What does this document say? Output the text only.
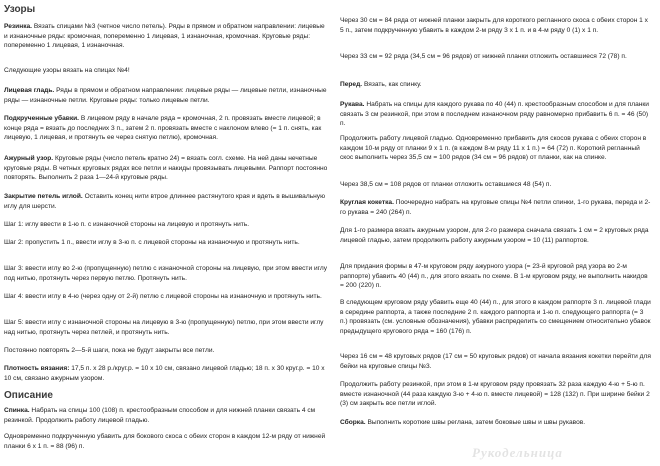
Узоры
Резинка. Вязать спицами №3 (четное число петель). Ряды в прямом и обратном направлении: лицевые и изнаночные ряды: кромочная, попеременно 1 лицевая, 1 изнаночная, кромочная. Круговые ряды: попеременно 1 лицевая, 1 изнаночная.
Следующие узоры вязать на спицах №4!
Лицевая гладь. Ряды в прямом и обратном направлении: лицевые ряды — лицевые петли, изнаночные ряды — изнаночные петли. Круговые ряды: только лицевые петли.
Подкрученные убавки. В лицевом ряду в начале ряда = кромочная, 2 п. провязать вместе лицевой; в конце ряда = вязать до последних 3 п., затем 2 п. провязать вместе с наклоном влево (= 1 п. снять, как лицевую, 1 лицевая, и протянуть ее через снятую петлю), кромочная.
Ажурный узор. Круговые ряды (число петель кратно 24) = вязать согл. схеме. На ней даны нечетные круговые ряды. В четных круговых рядах все петли и накиды провязывать лицевыми. Раппорт постоянно повторять. Выполнить 2 раза 1—24-й круговые ряды.
Закрытие петель иглой. Оставить конец нити втрое длиннее растянутого края и вдеть в вышивальную иглу для шерсти.
Шаг 1: иглу ввести в 1-ю п. с изнаночной стороны на лицевую и протянуть нить.
Шаг 2: пропустить 1 п., ввести иглу в 3-ю п. с лицевой стороны на изнаночную и протянуть нить.
Шаг 3: ввести иглу во 2-ю (пропущенную) петлю с изнаночной стороны на лицевую, при этом ввести иглу под нитью, протянуть через первую петлю. Протянуть нить.
Шаг 4: ввести иглу в 4-ю (через одну от 2-й) петлю с лицевой стороны на изнаночную и протянуть нить.
Шаг 5: ввести иглу с изнаночной стороны на лицевую в 3-ю (пропущенную) петлю, при этом ввести иглу над нитью, протянуть через петлей, и протянуть нить.
Постоянно повторять 2—5-й шаги, пока не будут закрыты все петли.
Плотность вязания: 17,5 п. х 28 р./круг.р. = 10 х 10 см, связано лицевой гладью; 18 п. х 30 круг.р. = 10 х 10 см, связано ажурным узором.
Описание
Спинка. Набрать на спицы 100 (108) п. крестообразным способом и для нижней планки связать 4 см резинкой. Продолжить работу лицевой гладью.
Одновременно подкрученную убавить для бокового скоса с обеих сторон в каждом 12-м ряду от нижней планки 6 х 1 п. = 88 (96) п.
Через 30 см = 84 ряда от нижней планки закрыть для короткого регланного скоса с обеих сторон 1 х 5 п., затем подкрученную убавить в каждом 2-м ряду 3 х 1 п. и в 4-м ряду 0 (1) х 1 п.
Через 33 см = 92 ряда (34,5 см = 96 рядов) от нижней планки отложить оставшиеся 72 (78) п.
Перед. Вязать, как спинку.
Рукава. Набрать на спицы для каждого рукава по 40 (44) п. крестообразным способом и для планки связать 3 см резинкой, при этом в последнем изнаночном ряду равномерно прибавить 6 п. = 46 (50) п.
Продолжить работу лицевой гладью. Одновременно прибавить для скосов рукава с обеих сторон в каждом 10-м ряду от планки 9 х 1 п. (в каждом 8-м ряду 11 х 1 п.) = 64 (72) п. Короткий регланный скос выполнить через 35,5 см = 100 рядов (34 см = 96 рядов) от планки, как на спинке.
Через 38,5 см = 108 рядов от планки отложить оставшиеся 48 (54) п.
Круглая кокетка. Поочередно набрать на круговые спицы №4 петли спинки, 1-го рукава, переда и 2-го рукава = 240 (264) п.
Для 1-го размера вязать ажурным узором, для 2-го размера сначала связать 1 см = 2 круговых ряда лицевой гладью, затем продолжить работу ажурным узором = 10 (11) раппортов.
Для придания формы в 47-м круговом ряду ажурного узора (= 23-й круговой ряд узора во 2-м раппорте) убавить 40 (44) п., для этого вязать по схеме. В 1-м круговом ряду, не выполнить накидов = 200 (220) п.
В следующем круговом ряду убавить еще 40 (44) п., для этого в каждом раппорте 3 п. лицевой глади в середине раппорта, а также последние 2 п. каждого раппорта и 1-ю п. следующего раппорта (= 3 п.) провязать (см. условные обозначения), убавки распределить со смещением относительно убавок предыдущего кругового ряда = 160 (176) п.
Через 16 см = 48 круговых рядов (17 см = 50 круговых рядов) от начала вязания кокетки перейти для бейки на круговые спицы №3.
Продолжить работу резинкой, при этом в 1-м круговом ряду провязать 32 раза каждую 4-ю + 5-ю п. вместе изнаночной (44 раза каждую 3-ю + 4-ю п. вместе лицевой) = 128 (132) п. При ширине бейки 2 (3) см закрыть все петли иглой.
Сборка. Выполнить короткие швы реглана, затем боковые швы и швы рукавов.
Рукодельница
